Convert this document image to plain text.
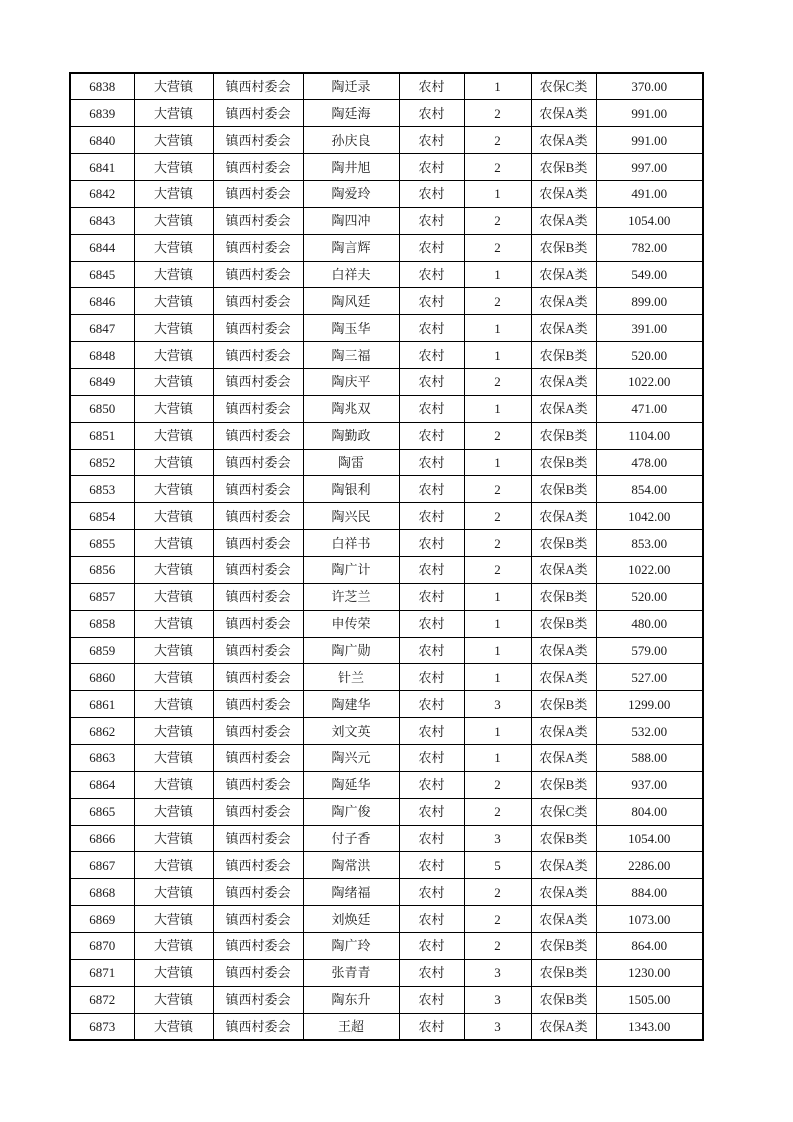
6838	大营镇	镇西村委会	陶迁录	农村	1	农保C类	370.00
6839	大营镇	镇西村委会	陶廷海	农村	2	农保A类	991.00
6840	大营镇	镇西村委会	孙庆良	农村	2	农保A类	991.00
6841	大营镇	镇西村委会	陶井旭	农村	2	农保B类	997.00
6842	大营镇	镇西村委会	陶爱玲	农村	1	农保A类	491.00
6843	大营镇	镇西村委会	陶四冲	农村	2	农保A类	1054.00
6844	大营镇	镇西村委会	陶言辉	农村	2	农保B类	782.00
6845	大营镇	镇西村委会	白祥夫	农村	1	农保A类	549.00
6846	大营镇	镇西村委会	陶风廷	农村	2	农保A类	899.00
6847	大营镇	镇西村委会	陶玉华	农村	1	农保A类	391.00
6848	大营镇	镇西村委会	陶三福	农村	1	农保B类	520.00
6849	大营镇	镇西村委会	陶庆平	农村	2	农保A类	1022.00
6850	大营镇	镇西村委会	陶兆双	农村	1	农保A类	471.00
6851	大营镇	镇西村委会	陶勤政	农村	2	农保B类	1104.00
6852	大营镇	镇西村委会	陶雷	农村	1	农保B类	478.00
6853	大营镇	镇西村委会	陶银利	农村	2	农保B类	854.00
6854	大营镇	镇西村委会	陶兴民	农村	2	农保A类	1042.00
6855	大营镇	镇西村委会	白祥书	农村	2	农保B类	853.00
6856	大营镇	镇西村委会	陶广计	农村	2	农保A类	1022.00
6857	大营镇	镇西村委会	许芝兰	农村	1	农保B类	520.00
6858	大营镇	镇西村委会	申传荣	农村	1	农保B类	480.00
6859	大营镇	镇西村委会	陶广勋	农村	1	农保A类	579.00
6860	大营镇	镇西村委会	针兰	农村	1	农保A类	527.00
6861	大营镇	镇西村委会	陶建华	农村	3	农保B类	1299.00
6862	大营镇	镇西村委会	刘文英	农村	1	农保A类	532.00
6863	大营镇	镇西村委会	陶兴元	农村	1	农保A类	588.00
6864	大营镇	镇西村委会	陶延华	农村	2	农保B类	937.00
6865	大营镇	镇西村委会	陶广俊	农村	2	农保C类	804.00
6866	大营镇	镇西村委会	付子香	农村	3	农保B类	1054.00
6867	大营镇	镇西村委会	陶常洪	农村	5	农保A类	2286.00
6868	大营镇	镇西村委会	陶绪福	农村	2	农保A类	884.00
6869	大营镇	镇西村委会	刘焕廷	农村	2	农保A类	1073.00
6870	大营镇	镇西村委会	陶广玲	农村	2	农保B类	864.00
6871	大营镇	镇西村委会	张青青	农村	3	农保B类	1230.00
6872	大营镇	镇西村委会	陶东升	农村	3	农保B类	1505.00
6873	大营镇	镇西村委会	王超	农村	3	农保A类	1343.00
